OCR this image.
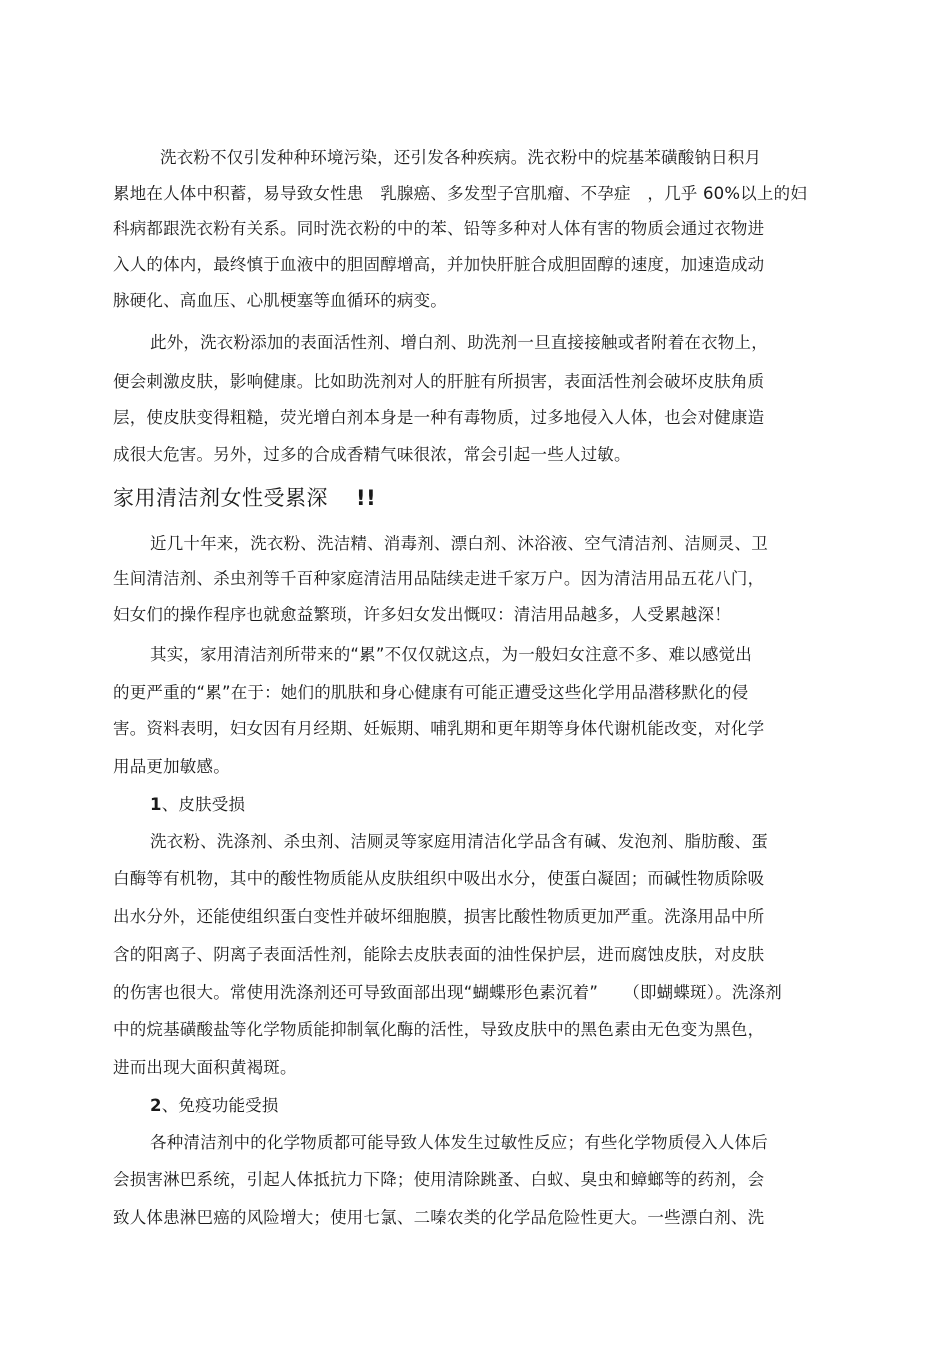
洗衣粉不仅引发种种环境污染，还引发各种疾病。洗衣粉中的烷基苯磺酸钠日积月
累地在人体中积蓄，易导致女性患　乳腺癌、多发型子宫肌瘤、不孕症　，几乎 60%以上的妇
科病都跟洗衣粉有关系。同时洗衣粉的中的苯、铅等多种对人体有害的物质会通过衣物进
入人的体内，最终慎于血液中的胆固醇增高，并加快肝脏合成胆固醇的速度，加速造成动
脉硬化、高血压、心肌梗塞等血循环的病变。
此外，洗衣粉添加的表面活性剂、增白剂、助洗剂一旦直接接触或者附着在衣物上，
便会刺激皮肤，影响健康。比如助洗剂对人的肝脏有所损害，表面活性剂会破坏皮肤角质
层，使皮肤变得粗糙，荧光增白剂本身是一种有毒物质，过多地侵入人体，也会对健康造
成很大危害。另外，过多的合成香精气味很浓，常会引起一些人过敏。
家用清洁剂女性受累深 !!
近几十年来，洗衣粉、洗洁精、消毒剂、漂白剂、沐浴液、空气清洁剂、洁厕灵、卫
生间清洁剂、杀虫剂等千百种家庭清洁用品陆续走进千家万户。因为清洁用品五花八门，
妇女们的操作程序也就愈益繁琐，许多妇女发出慨叹：清洁用品越多，人受累越深！
其实，家用清洁剂所带来的“累”不仅仅就这点，为一般妇女注意不多、难以感觉出
的更严重的“累”在于：她们的肌肤和身心健康有可能正遭受这些化学用品潜移默化的侵
害。资料表明，妇女因有月经期、妊娠期、哺乳期和更年期等身体代谢机能改变，对化学
用品更加敏感。
1、皮肤受损
洗衣粉、洗涤剂、杀虫剂、洁厕灵等家庭用清洁化学品含有碱、发泡剂、脂肪酸、蛋
白酶等有机物，其中的酸性物质能从皮肤组织中吸出水分，使蛋白凝固；而碱性物质除吸
出水分外，还能使组织蛋白变性并破坏细胞膜，损害比酸性物质更加严重。洗涤用品中所
含的阳离子、阴离子表面活性剂，能除去皮肤表面的油性保护层，进而腐蚀皮肤，对皮肤
的伤害也很大。常使用洗涤剂还可导致面部出现“蝴蝶形色素沉着”　　（即蝴蝶斑）。洗涤剂
中的烷基磺酸盐等化学物质能抑制氧化酶的活性，导致皮肤中的黑色素由无色变为黑色，
进而出现大面积黄褐斑。
2、免疫功能受损
各种清洁剂中的化学物质都可能导致人体发生过敏性反应；有些化学物质侵入人体后
会损害淋巴系统，引起人体抵抗力下降；使用清除跳蚤、白蚁、臭虫和蟑螂等的药剂，会
致人体患淋巴癌的风险增大；使用七氯、二嗪农类的化学品危险性更大。一些漂白剂、洗
